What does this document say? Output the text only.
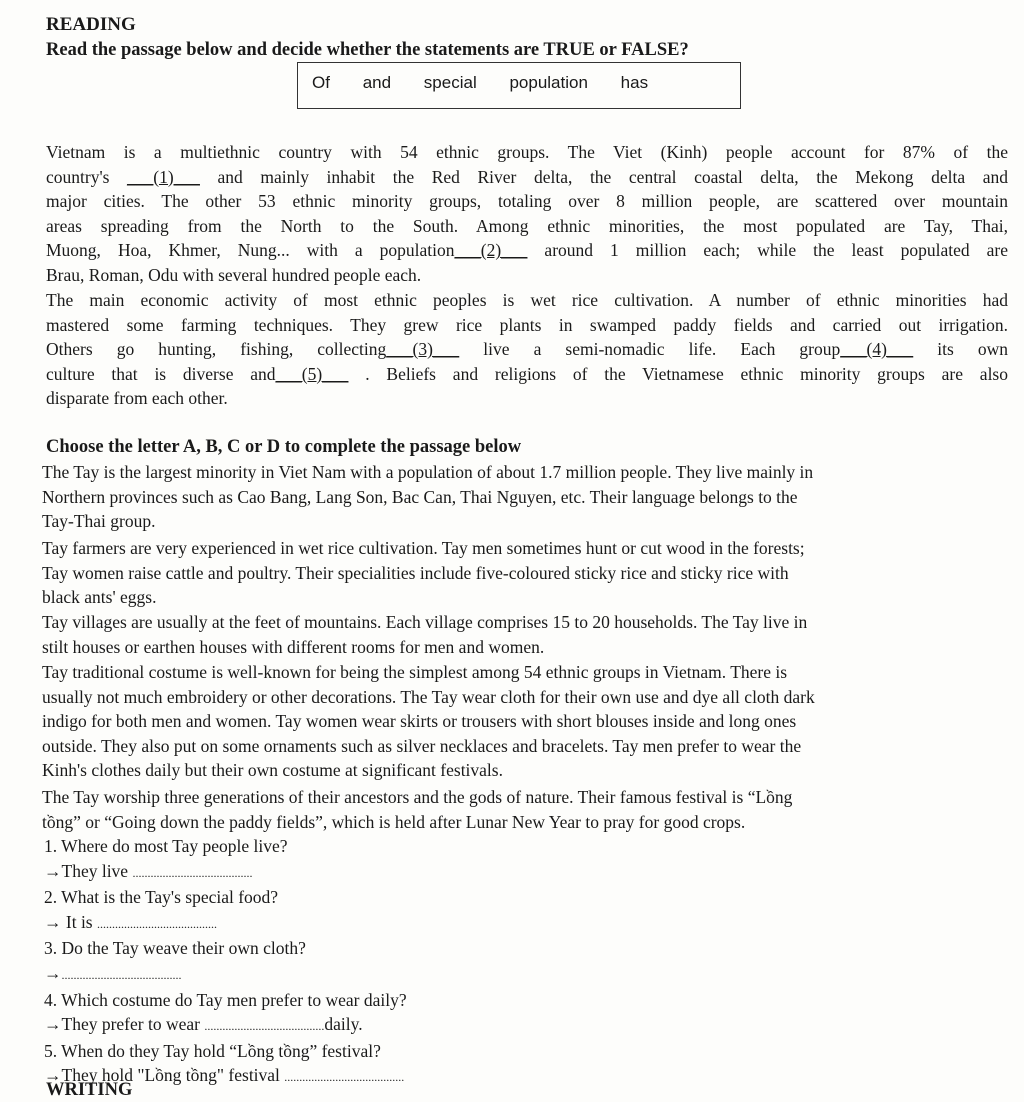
READING
Read the passage below and decide whether the statements are TRUE or FALSE?
Of and special population has
Vietnam is a multiethnic country with 54 ethnic groups. The Viet (Kinh) people account for 87% of the
country's ___(1)___ and mainly inhabit the Red River delta, the central coastal delta, the Mekong delta and
major cities. The other 53 ethnic minority groups, totaling over 8 million people, are scattered over mountain
areas spreading from the North to the South. Among ethnic minorities, the most populated are Tay, Thai,
Muong, Hoa, Khmer, Nung... with a population___(2)___ around 1 million each; while the least populated are
Brau, Roman, Odu with several hundred people each.
The main economic activity of most ethnic peoples is wet rice cultivation. A number of ethnic minorities had
mastered some farming techniques. They grew rice plants in swamped paddy fields and carried out irrigation.
Others go hunting, fishing, collecting___(3)___ live a semi-nomadic life. Each group___(4)___ its own
culture that is diverse and___(5)___ . Beliefs and religions of the Vietnamese ethnic minority groups are also
disparate from each other.
Choose the letter A, B, C or D to complete the passage below
The Tay is the largest minority in Viet Nam with a population of about 1.7 million people. They live mainly in
Northern provinces such as Cao Bang, Lang Son, Bac Can, Thai Nguyen, etc. Their language belongs to the
Tay-Thai group.
Tay farmers are very experienced in wet rice cultivation. Tay men sometimes hunt or cut wood in the forests;
Tay women raise cattle and poultry. Their specialities include five-coloured sticky rice and sticky rice with
black ants' eggs.
Tay villages are usually at the feet of mountains. Each village comprises 15 to 20 households. The Tay live in
stilt houses or earthen houses with different rooms for men and women.
Tay traditional costume is well-known for being the simplest among 54 ethnic groups in Vietnam. There is
usually not much embroidery or other decorations. The Tay wear cloth for their own use and dye all cloth dark
indigo for both men and women. Tay women wear skirts or trousers with short blouses inside and long ones
outside. They also put on some ornaments such as silver necklaces and bracelets. Tay men prefer to wear the
Kinh's clothes daily but their own costume at significant festivals.
The Tay worship three generations of their ancestors and the gods of nature. Their famous festival is “Lồng
tồng” or “Going down the paddy fields”, which is held after Lunar New Year to pray for good crops.
1. Where do most Tay people live?
→They live ........................................
2. What is the Tay's special food?
→ It is ........................................
3. Do the Tay weave their own cloth?
→........................................
4. Which costume do Tay men prefer to wear daily?
→They prefer to wear ........................................daily.
5. When do they Tay hold “Lồng tồng” festival?
→They hold "Lồng tồng" festival ........................................
WRITING
